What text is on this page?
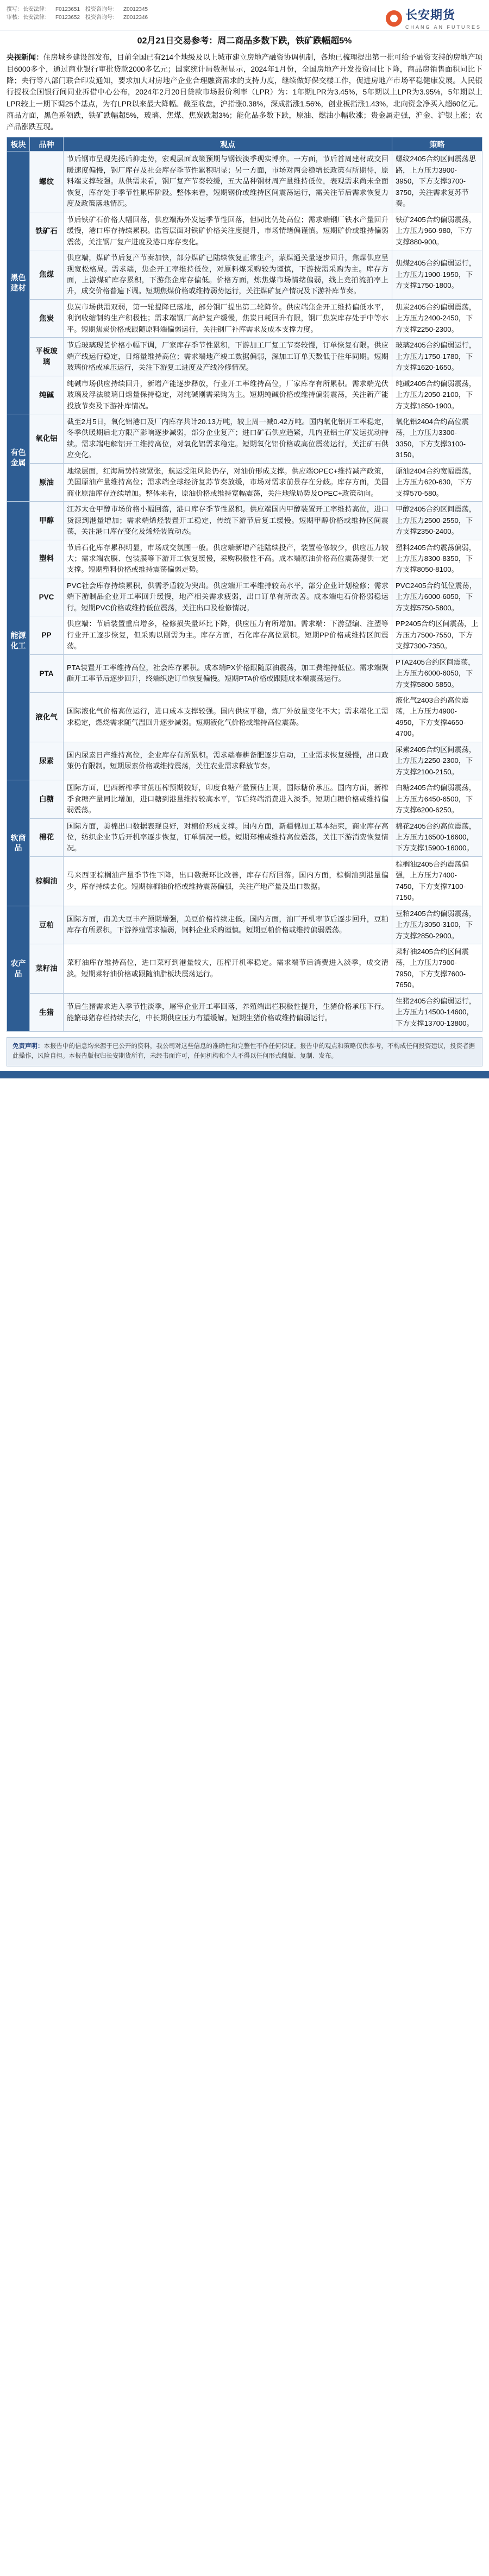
撰写：长安法律： F0123651 投资咨询号： Z0012345
审核：长安法律： F0123652 投资咨询号： Z0012346	长安期货
CHANG AN FUTURES
02月21日交易参考：周二商品多数下跌，铁矿跌幅超5%
央视新闻：住房城乡建设部发布，目前全国已有214个地级及以上城市建立房地产融资协调机制，各地已梳理提出第一批可给予融资支持的房地产项目6000多个，通过商业银行审批贷款2000多亿元；国家统计局数据显示，2024年1月份，全国房地产开发投资同比下降，商品房销售面积同比下降；央行等八部门联合印发通知，要求加大对房地产企业合理融资需求的支持力度，继续做好保交楼工作，促进房地产市场平稳健康发展。人民银行授权全国银行间同业拆借中心公布，2024年2月20日贷款市场报价利率（LPR）为：1年期LPR为3.45%，5年期以上LPR为3.95%，5年期以上LPR较上一期下调25个基点，为有LPR以来最大降幅。截至收盘，沪指涨0.38%，深成指涨1.56%，创业板指涨1.43%，北向资金净买入超60亿元。商品方面，黑色系领跌，铁矿跌幅超5%，玻璃、焦煤、焦炭跌超3%；能化品多数下跌，原油、燃油小幅收涨；贵金属走强，沪金、沪银上涨；农产品涨跌互现。
板块	品种	观点	策略
黑色建材	螺纹	节后钢市呈现先扬后抑走势，宏观层面政策预期与钢铁淡季现实博弈。一方面，节后首周建材成交回暖速度偏慢，钢厂库存及社会库存季节性累积明显；另一方面，市场对两会稳增长政策有所期待，原料端支撑较强。从供需来看，钢厂复产节奏较缓，五大品种钢材周产量维持低位，表观需求尚未全面恢复，库存处于季节性累库阶段。整体来看，短期钢价或维持区间震荡运行，需关注节后需求恢复力度及政策落地情况。	螺纹2405合约区间震荡思路，上方压力3900-3950，下方支撑3700-3750，关注需求复苏节奏。
	铁矿石	节后铁矿石价格大幅回落，供应端海外发运季节性回落，但同比仍处高位；需求端钢厂铁水产量回升缓慢，港口库存持续累积。监管层面对铁矿价格关注度提升，市场情绪偏谨慎。短期矿价或维持偏弱震荡，关注钢厂复产进度及港口库存变化。	铁矿2405合约偏弱震荡，上方压力960-980，下方支撑880-900。
	焦煤	供应端，煤矿节后复产节奏加快，部分煤矿已陆续恢复正常生产，蒙煤通关量逐步回升，焦煤供应呈现宽松格局。需求端，焦企开工率维持低位，对原料煤采购较为谨慎，下游按需采购为主。库存方面，上游煤矿库存累积，下游焦企库存偏低。价格方面，炼焦煤市场情绪偏弱，线上竞拍流拍率上升，成交价格普遍下调。短期焦煤价格或维持弱势运行，关注煤矿复产情况及下游补库节奏。	焦煤2405合约偏弱运行，上方压力1900-1950，下方支撑1750-1800。
	焦炭	焦炭市场供需双弱，第一轮提降已落地，部分钢厂提出第二轮降价。供应端焦企开工维持偏低水平，利润收缩制约生产积极性；需求端钢厂高炉复产缓慢，焦炭日耗回升有限，钢厂焦炭库存处于中等水平。短期焦炭价格或跟随原料端偏弱运行，关注钢厂补库需求及成本支撑力度。	焦炭2405合约偏弱震荡，上方压力2400-2450，下方支撑2250-2300。
	平板玻璃	节后玻璃现货价格小幅下调，厂家库存季节性累积，下游加工厂复工节奏较慢，订单恢复有限。供应端产线运行稳定，日熔量维持高位；需求端地产竣工数据偏弱，深加工订单天数低于往年同期。短期玻璃价格或承压运行，关注下游复工进度及产线冷修情况。	玻璃2405合约偏弱运行，上方压力1750-1780，下方支撑1620-1650。
	纯碱	纯碱市场供应持续回升，新增产能逐步释放，行业开工率维持高位，厂家库存有所累积。需求端光伏玻璃及浮法玻璃日熔量保持稳定，对纯碱刚需采购为主。短期纯碱价格或维持偏弱震荡，关注新产能投放节奏及下游补库情况。	纯碱2405合约偏弱震荡，上方压力2050-2100，下方支撑1850-1900。
有色金属	氧化铝	截至2月5日，氧化铝港口及厂内库存共计20.13万吨，较上周一减0.42万吨。国内氧化铝开工率稳定，冬季供暖期后北方限产影响逐步减弱，部分企业复产；进口矿石供应趋紧，几内亚铝土矿发运扰动持续。需求端电解铝开工维持高位，对氧化铝需求稳定。短期氧化铝价格或高位震荡运行，关注矿石供应变化。	氧化铝2404合约高位震荡，上方压力3300-3350，下方支撑3100-3150。
	原油	地缘层面，红海局势持续紧张，航运受阻风险仍存，对油价形成支撑。供应端OPEC+维持减产政策，美国原油产量维持高位；需求端全球经济复苏节奏放缓，市场对需求前景存在分歧。库存方面，美国商业原油库存连续增加。整体来看，原油价格或维持宽幅震荡，关注地缘局势及OPEC+政策动向。	原油2404合约宽幅震荡，上方压力620-630，下方支撑570-580。
能源化工	甲醇	江苏太仓甲醇市场价格小幅回落，港口库存季节性累积。供应端国内甲醇装置开工率维持高位，进口货源到港量增加；需求端烯烃装置开工稳定，传统下游节后复工缓慢。短期甲醇价格或维持区间震荡，关注港口库存变化及烯烃装置动态。	甲醇2405合约区间震荡，上方压力2500-2550，下方支撑2350-2400。
	塑料	节后石化库存累积明显，市场成交氛围一般。供应端新增产能陆续投产，装置检修较少，供应压力较大；需求端农膜、包装膜等下游开工恢复缓慢，采购积极性不高。成本端原油价格高位震荡提供一定支撑。短期塑料价格或维持震荡偏弱走势。	塑料2405合约震荡偏弱，上方压力8300-8350，下方支撑8050-8100。
	PVC	PVC社会库存持续累积，供需矛盾较为突出。供应端开工率维持较高水平，部分企业计划检修；需求端下游制品企业开工率回升缓慢，地产相关需求疲弱，出口订单有所改善。成本端电石价格弱稳运行。短期PVC价格或维持低位震荡，关注出口及检修情况。	PVC2405合约低位震荡，上方压力6000-6050，下方支撑5750-5800。
	PP	供应端：节后装置重启增多，检修损失量环比下降，供应压力有所增加。需求端：下游塑编、注塑等行业开工逐步恢复，但采购以刚需为主。库存方面，石化库存高位累积。短期PP价格或维持区间震荡。	PP2405合约区间震荡，上方压力7500-7550，下方支撑7300-7350。
	PTA	PTA装置开工率维持高位，社会库存累积。成本端PX价格跟随原油震荡，加工费维持低位。需求端聚酯开工率节后逐步回升，终端织造订单恢复偏慢。短期PTA价格或跟随成本端震荡运行。	PTA2405合约区间震荡，上方压力6000-6050，下方支撑5800-5850。
	液化气	国际液化气价格高位运行，进口成本支撑较强。国内供应平稳，炼厂外放量变化不大；需求端化工需求稳定，燃烧需求随气温回升逐步减弱。短期液化气价格或维持高位震荡。	液化气2403合约高位震荡，上方压力4900-4950，下方支撑4650-4700。
	尿素	国内尿素日产维持高位，企业库存有所累积。需求端春耕备肥逐步启动，工业需求恢复缓慢，出口政策仍有限制。短期尿素价格或维持震荡，关注农业需求释放节奏。	尿素2405合约区间震荡，上方压力2250-2300，下方支撑2100-2150。
软商品	白糖	国际方面，巴西新榨季甘蔗压榨预期较好，印度食糖产量预估上调，国际糖价承压。国内方面，新榨季食糖产量同比增加，进口糖到港量维持较高水平，节后终端消费进入淡季。短期白糖价格或维持偏弱震荡。	白糖2405合约偏弱震荡，上方压力6450-6500，下方支撑6200-6250。
	棉花	国际方面，美棉出口数据表现良好，对棉价形成支撑。国内方面，新疆棉加工基本结束，商业库存高位，纺织企业节后开机率逐步恢复，订单情况一般。短期郑棉或维持高位震荡，关注下游消费恢复情况。	棉花2405合约高位震荡，上方压力16500-16600，下方支撑15900-16000。
	棕榈油	马来西亚棕榈油产量季节性下降，出口数据环比改善，库存有所回落。国内方面，棕榈油到港量偏少，库存持续去化。短期棕榈油价格或维持震荡偏强，关注产地产量及出口数据。	棕榈油2405合约震荡偏强，上方压力7400-7450，下方支撑7100-7150。
农产品	豆粕	国际方面，南美大豆丰产预期增强，美豆价格持续走低。国内方面，油厂开机率节后逐步回升，豆粕库存有所累积，下游养殖需求偏弱，饲料企业采购谨慎。短期豆粕价格或维持偏弱震荡。	豆粕2405合约偏弱震荡，上方压力3050-3100，下方支撑2850-2900。
	菜籽油	菜籽油库存维持高位，进口菜籽到港量较大，压榨开机率稳定。需求端节后消费进入淡季，成交清淡。短期菜籽油价格或跟随油脂板块震荡运行。	菜籽油2405合约区间震荡，上方压力7900-7950，下方支撑7600-7650。
	生猪	节后生猪需求进入季节性淡季，屠宰企业开工率回落，养殖端出栏积极性提升，生猪价格承压下行。能繁母猪存栏持续去化，中长期供应压力有望缓解。短期生猪价格或维持偏弱运行。	生猪2405合约偏弱运行，上方压力14500-14600，下方支撑13700-13800。
免责声明：本报告中的信息均来源于已公开的资料，我公司对这些信息的准确性和完整性不作任何保证。报告中的观点和策略仅供参考，不构成任何投资建议，投资者据此操作，风险自担。本报告版权归长安期货所有，未经书面许可，任何机构和个人不得以任何形式翻版、复制、发布。
